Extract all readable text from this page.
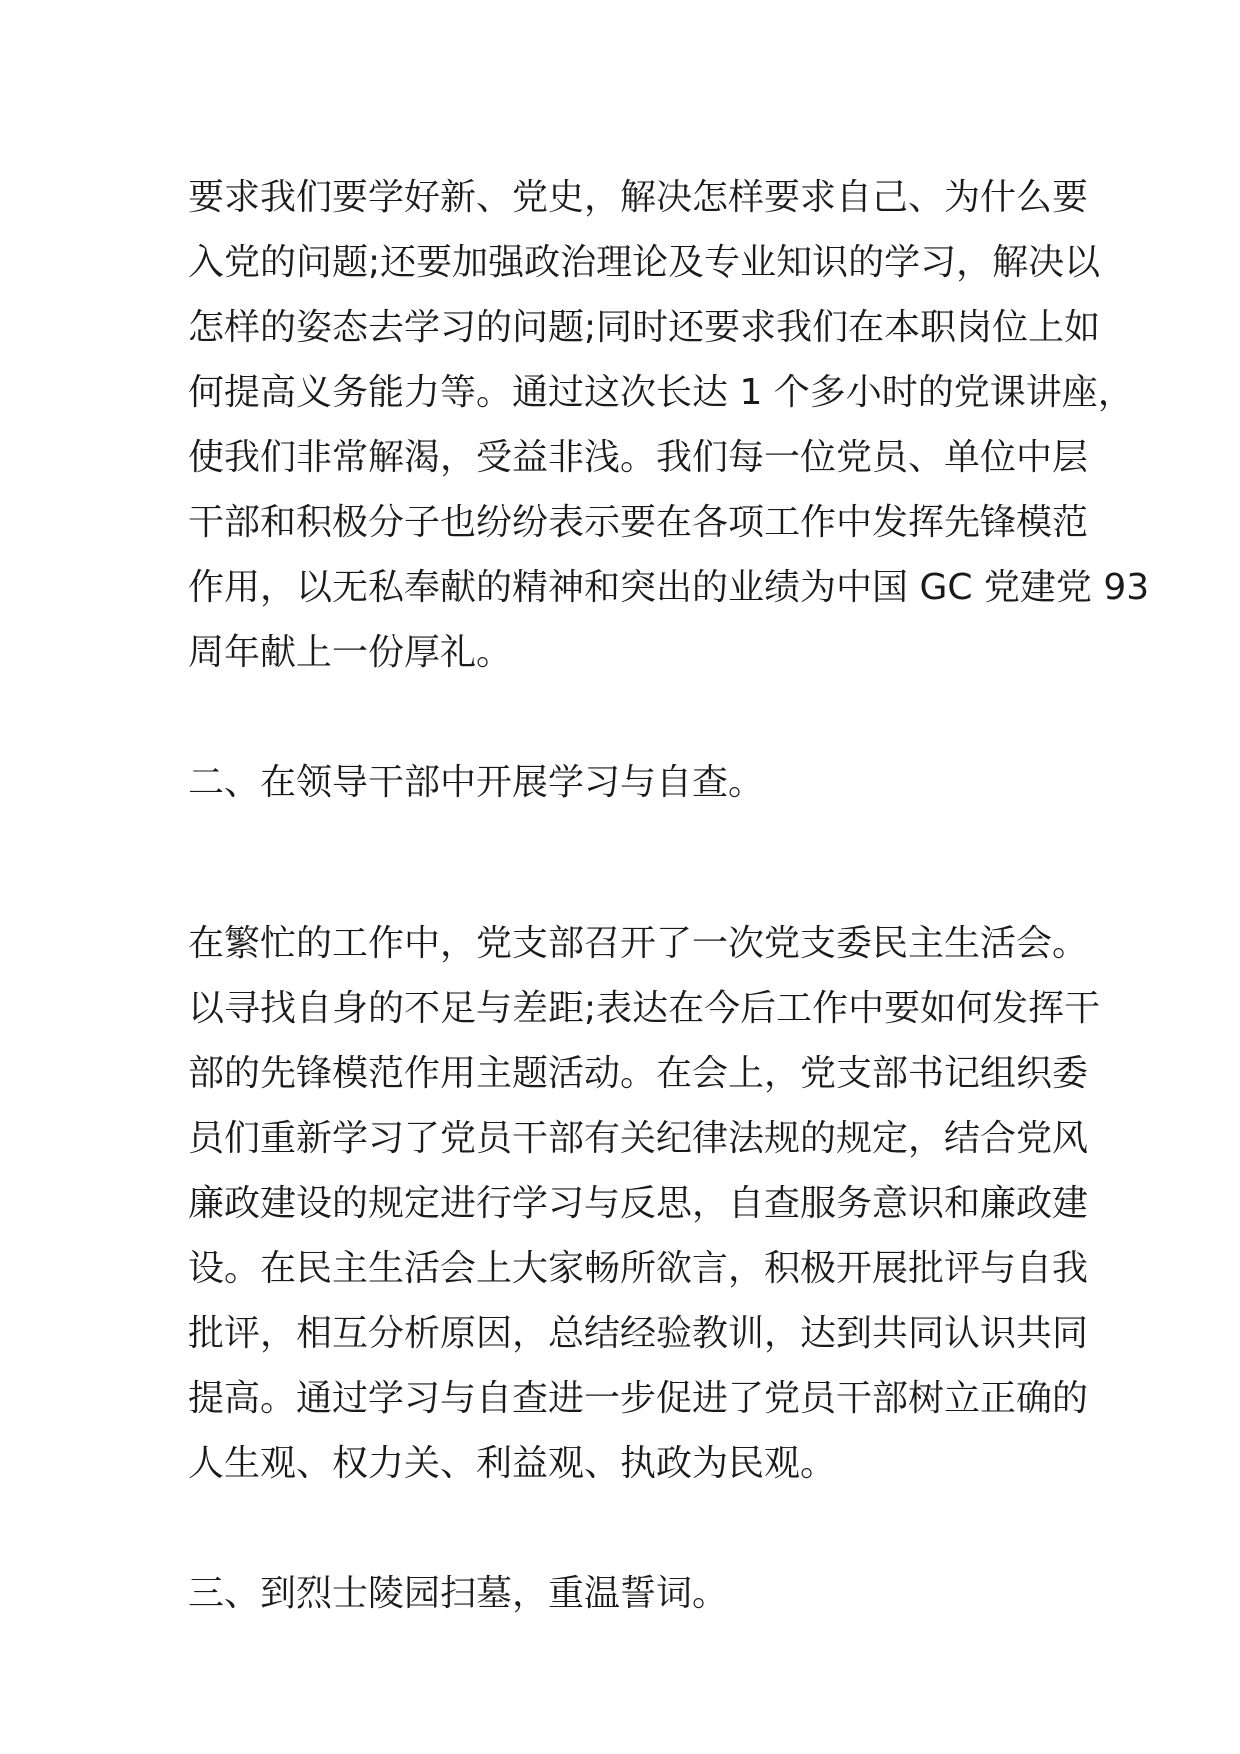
要求我们要学好新、党史，解决怎样要求自己、为什么要
入党的问题;还要加强政治理论及专业知识的学习，解决以
怎样的姿态去学习的问题;同时还要求我们在本职岗位上如
何提高义务能力等。通过这次长达 1 个多小时的党课讲座，
使我们非常解渴，受益非浅。我们每一位党员、单位中层
干部和积极分子也纷纷表示要在各项工作中发挥先锋模范
作用，以无私奉献的精神和突出的业绩为中国 GC 党建党 93
周年献上一份厚礼。
二、在领导干部中开展学习与自查。
在繁忙的工作中，党支部召开了一次党支委民主生活会。
以寻找自身的不足与差距;表达在今后工作中要如何发挥干
部的先锋模范作用主题活动。在会上，党支部书记组织委
员们重新学习了党员干部有关纪律法规的规定，结合党风
廉政建设的规定进行学习与反思，自查服务意识和廉政建
设。在民主生活会上大家畅所欲言，积极开展批评与自我
批评，相互分析原因，总结经验教训，达到共同认识共同
提高。通过学习与自查进一步促进了党员干部树立正确的
人生观、权力关、利益观、执政为民观。
三、到烈士陵园扫墓，重温誓词。
